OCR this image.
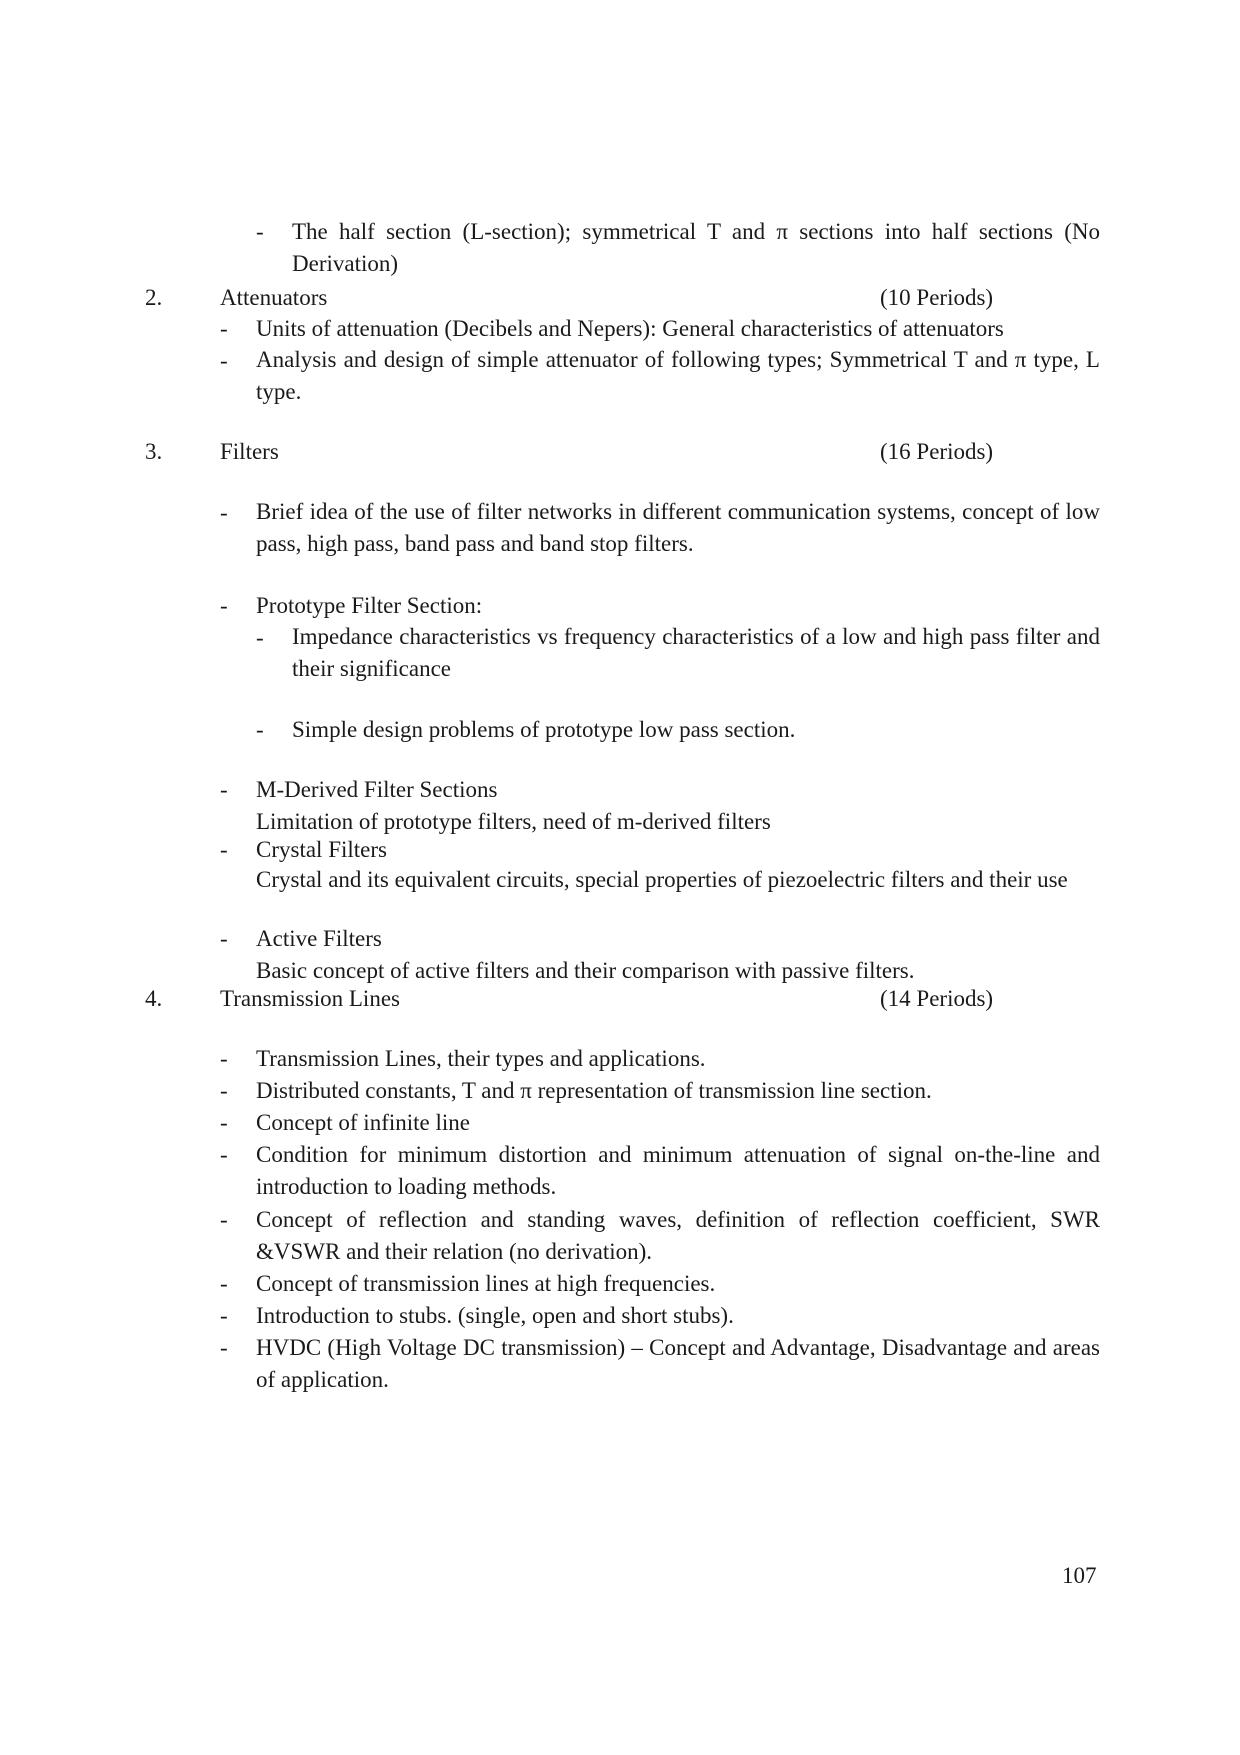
- The half section (L-section); symmetrical T and π sections into half sections (No Derivation)
2.	Attenuators	(10 Periods)
- Units of attenuation (Decibels and Nepers): General characteristics of attenuators
- Analysis and design of simple attenuator of following types; Symmetrical T and π type, L type.
3.	Filters	(16 Periods)
- Brief idea of the use of filter networks in different communication systems, concept of low pass, high pass, band pass and band stop filters.
- Prototype Filter Section:
- Impedance characteristics vs frequency characteristics of a low and high pass filter and their significance
- Simple design problems of prototype low pass section.
- M-Derived Filter Sections
Limitation of prototype filters, need of m-derived filters
- Crystal Filters
Crystal and its equivalent circuits, special properties of piezoelectric filters and their use
- Active Filters
Basic concept of active filters and their comparison with passive filters.
4.	Transmission Lines	(14 Periods)
- Transmission Lines, their types and applications.
- Distributed constants, T and π representation of transmission line section.
- Concept of infinite line
- Condition for minimum distortion and minimum attenuation of signal on-the-line and introduction to loading methods.
- Concept of reflection and standing waves, definition of reflection coefficient, SWR &VSWR and their relation (no derivation).
- Concept of transmission lines at high frequencies.
- Introduction to stubs. (single, open and short stubs).
- HVDC (High Voltage DC transmission) – Concept and Advantage, Disadvantage and areas of application.
107
